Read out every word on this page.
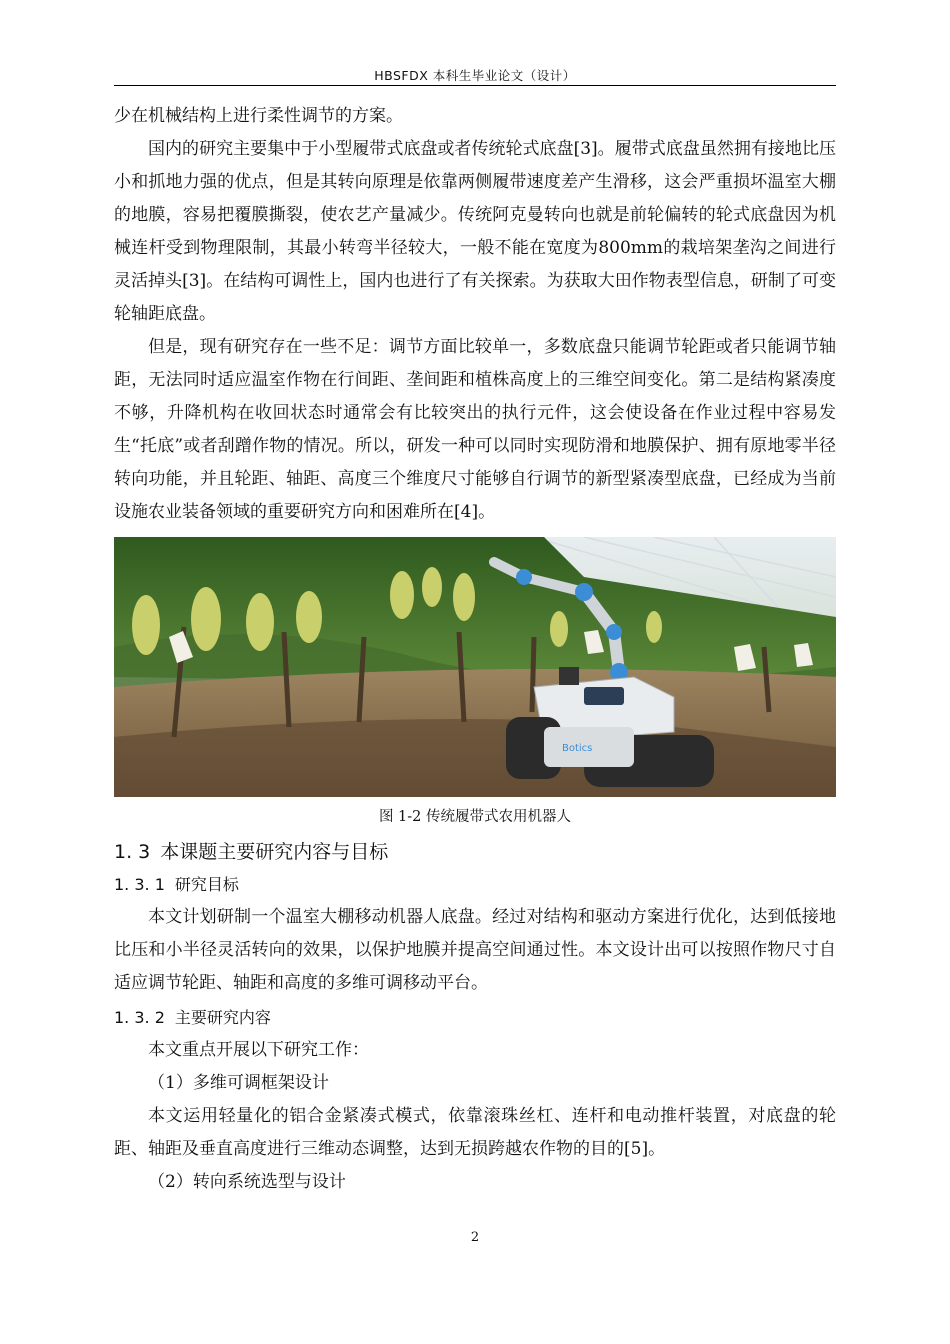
HBSFDX 本科生毕业论文（设计）

少在机械结构上进行柔性调节的方案。

国内的研究主要集中于小型履带式底盘或者传统轮式底盘[3]。履带式底盘虽然拥有接地比压小和抓地力强的优点，但是其转向原理是依靠两侧履带速度差产生滑移，这会严重损坏温室大棚的地膜，容易把覆膜撕裂，使农艺产量减少。传统阿克曼转向也就是前轮偏转的轮式底盘因为机械连杆受到物理限制，其最小转弯半径较大，一般不能在宽度为800mm的栽培架垄沟之间进行灵活掉头[3]。在结构可调性上，国内也进行了有关探索。为获取大田作物表型信息，研制了可变轮轴距底盘。

但是，现有研究存在一些不足：调节方面比较单一，多数底盘只能调节轮距或者只能调节轴距，无法同时适应温室作物在行间距、垄间距和植株高度上的三维空间变化。第二是结构紧凑度不够，升降机构在收回状态时通常会有比较突出的执行元件，这会使设备在作业过程中容易发生“托底”或者刮蹭作物的情况。所以，研发一种可以同时实现防滑和地膜保护、拥有原地零半径转向功能，并且轮距、轴距、高度三个维度尺寸能够自行调节的新型紧凑型底盘，已经成为当前设施农业装备领域的重要研究方向和困难所在[4]。

Botics
图 1-2 传统履带式农用机器人
1. 3 本课题主要研究内容与目标
1. 3. 1 研究目标

本文计划研制一个温室大棚移动机器人底盘。经过对结构和驱动方案进行优化，达到低接地比压和小半径灵活转向的效果，以保护地膜并提高空间通过性。本文设计出可以按照作物尺寸自适应调节轮距、轴距和高度的多维可调移动平台。

1. 3. 2 主要研究内容

本文重点开展以下研究工作：

（1）多维可调框架设计

本文运用轻量化的铝合金紧凑式模式，依靠滚珠丝杠、连杆和电动推杆装置，对底盘的轮距、轴距及垂直高度进行三维动态调整，达到无损跨越农作物的目的[5]。

（2）转向系统选型与设计

2
